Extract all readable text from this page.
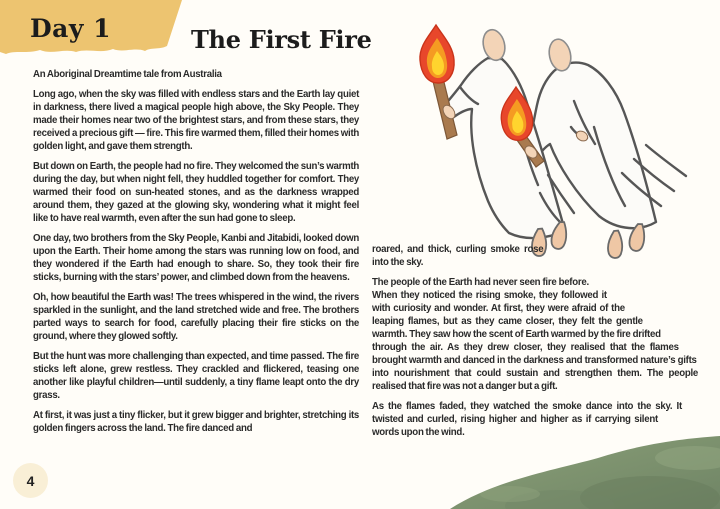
Day 1	The First Fire

An Aboriginal Dreamtime tale from Australia

Long ago, when the sky was filled with endless stars and the Earth lay quiet in darkness, there lived a magical people high above, the Sky People. They made their homes near two of the brightest stars, and from these stars, they received a precious gift — fire. This fire warmed them, filled their homes with golden light, and gave them strength.

But down on Earth, the people had no fire. They welcomed the sun’s warmth during the day, but when night fell, they huddled together for comfort. They warmed their food on sun-heated stones, and as the darkness wrapped around them, they gazed at the glowing sky, wondering what it might feel like to have real warmth, even after the sun had gone to sleep.

One day, two brothers from the Sky People, Kanbi and Jitabidi, looked down upon the Earth. Their home among the stars was running low on food, and they wondered if the Earth had enough to share. So, they took their fire sticks, burning with the stars’ power, and climbed down from the heavens.

Oh, how beautiful the Earth was! The trees whispered in the wind, the rivers sparkled in the sunlight, and the land stretched wide and free. The brothers parted ways to search for food, carefully placing their fire sticks on the ground, where they glowed softly.

But the hunt was more challenging than expected, and time passed. The fire sticks left alone, grew restless. They crackled and flickered, teasing one another like playful children—until suddenly, a tiny flame leapt onto the dry grass.

At first, it was just a tiny flicker, but it grew bigger and brighter, stretching its golden fingers across the land. The fire danced and

roared, and thick, curling smoke rose into the sky.

The people of the Earth had never seen fire before. When they noticed the rising smoke, they followed it with curiosity and wonder. At first, they were afraid of the leaping flames, but as they came closer, they felt the gentle warmth. They saw how the scent of Earth warmed by the fire drifted through the air. As they drew closer, they realised that the flames brought warmth and danced in the darkness and transformed nature’s gifts into nourishment that could sustain and strengthen them. The people realised that fire was not a danger but a gift.

As the flames faded, they watched the smoke dance into the sky. It twisted and curled, rising higher and higher as if carrying silent words upon the wind.

4
